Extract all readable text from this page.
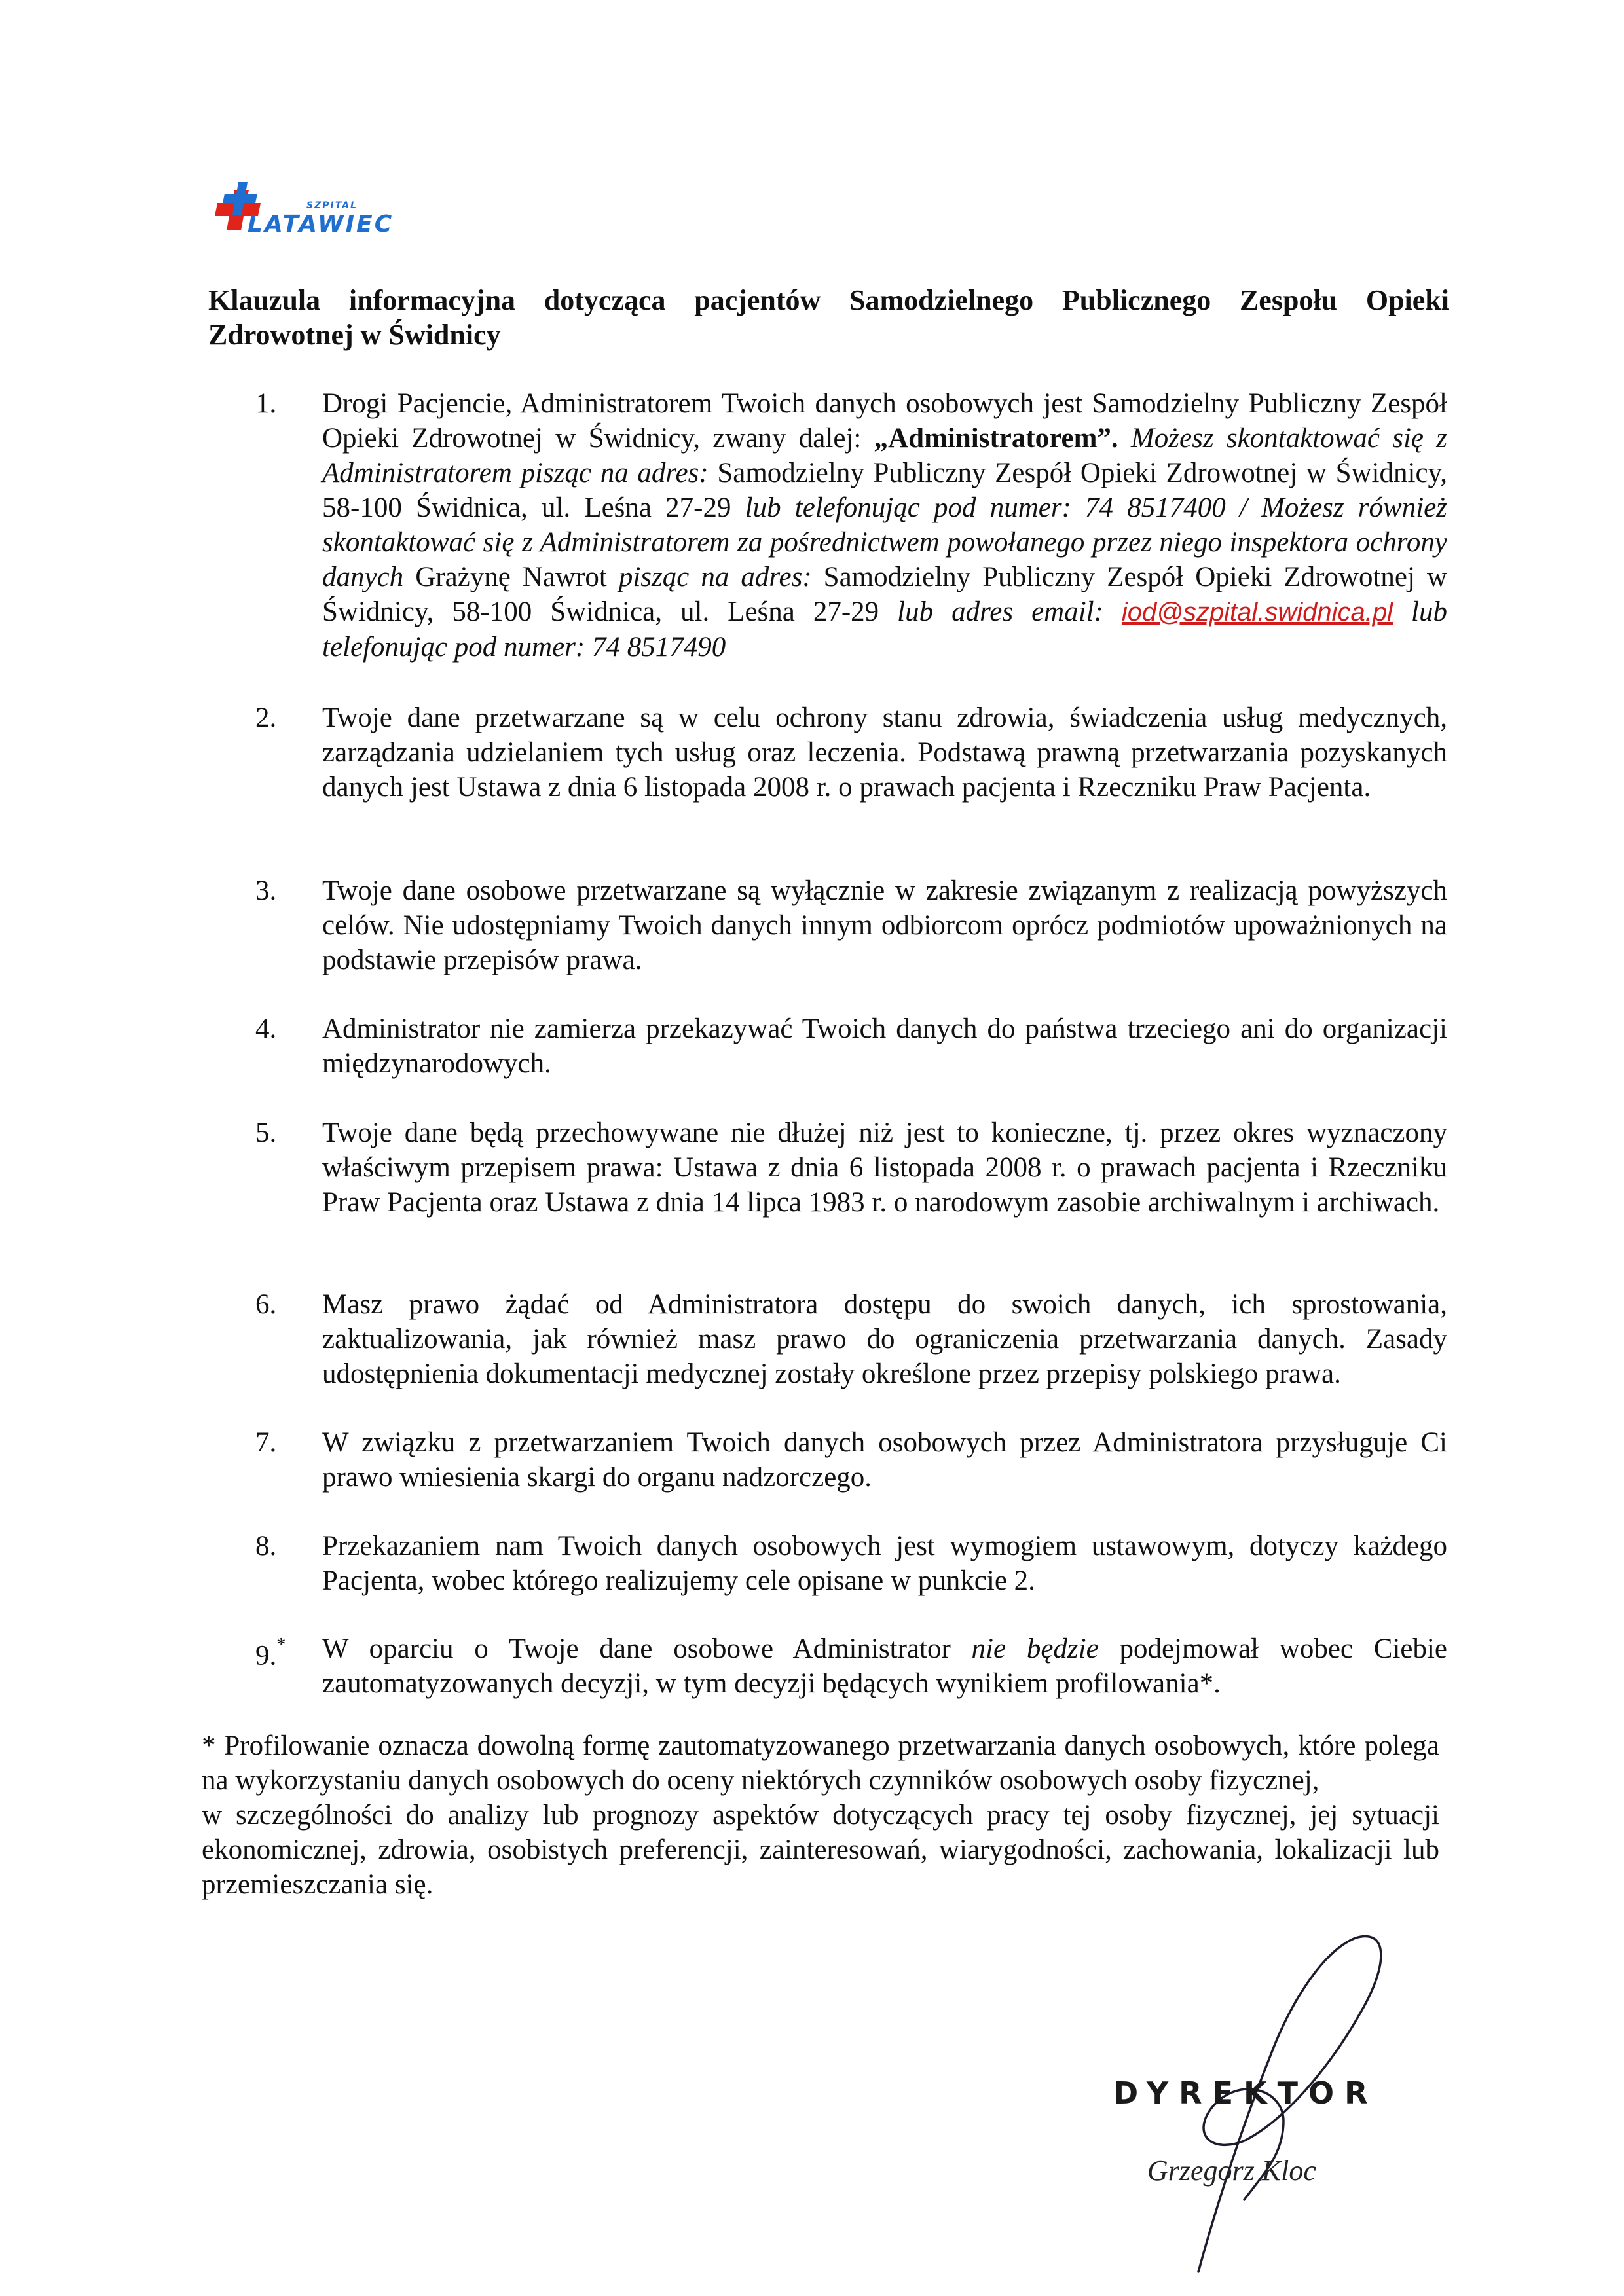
SZPITAL
LATAWIEC

Klauzula informacyjna dotycząca pacjentów Samodzielnego Publicznego Zespołu Opieki Zdrowotnej w Świdnicy

1.	Drogi Pacjencie, Administratorem Twoich danych osobowych jest Samodzielny Publiczny Zespół Opieki Zdrowotnej w Świdnicy, zwany dalej: „Administratorem”. Możesz skontaktować się z Administratorem pisząc na adres: Samodzielny Publiczny Zespół Opieki Zdrowotnej w Świdnicy, 58-100 Świdnica, ul. Leśna 27-29 lub telefonując pod numer: 74 8517400 / Możesz również skontaktować się z Administratorem za pośrednictwem powołanego przez niego inspektora ochrony danych Grażynę Nawrot pisząc na adres: Samodzielny Publiczny Zespół Opieki Zdrowotnej w Świdnicy, 58-100 Świdnica, ul. Leśna 27-29 lub adres email: iod@szpital.swidnica.pl lub telefonując pod numer: 74 8517490

2.	Twoje dane przetwarzane są w celu ochrony stanu zdrowia, świadczenia usług medycznych, zarządzania udzielaniem tych usług oraz leczenia. Podstawą prawną przetwarzania pozyskanych danych jest Ustawa z dnia 6 listopada 2008 r. o prawach pacjenta i Rzeczniku Praw Pacjenta.

3.	Twoje dane osobowe przetwarzane są wyłącznie w zakresie związanym z realizacją powyższych celów. Nie udostępniamy Twoich danych innym odbiorcom oprócz podmiotów upoważnionych na podstawie przepisów prawa.

4.	Administrator nie zamierza przekazywać Twoich danych do państwa trzeciego ani do organizacji międzynarodowych.

5.	Twoje dane będą przechowywane nie dłużej niż jest to konieczne, tj. przez okres wyznaczony właściwym przepisem prawa: Ustawa z dnia 6 listopada 2008 r. o prawach pacjenta i Rzeczniku Praw Pacjenta oraz Ustawa z dnia 14 lipca 1983 r. o narodowym zasobie archiwalnym i archiwach.

6.	Masz prawo żądać od Administratora dostępu do swoich danych, ich sprostowania, zaktualizowania, jak również masz prawo do ograniczenia przetwarzania danych. Zasady udostępnienia dokumentacji medycznej zostały określone przez przepisy polskiego prawa.

7.	W związku z przetwarzaniem Twoich danych osobowych przez Administratora przysługuje Ci prawo wniesienia skargi do organu nadzorczego.

8.	Przekazaniem nam Twoich danych osobowych jest wymogiem ustawowym, dotyczy każdego Pacjenta, wobec którego realizujemy cele opisane w punkcie 2.

9.*	W oparciu o Twoje dane osobowe Administrator nie będzie podejmował wobec Ciebie zautomatyzowanych decyzji, w tym decyzji będących wynikiem profilowania*.

* Profilowanie oznacza dowolną formę zautomatyzowanego przetwarzania danych osobowych, które polega na wykorzystaniu danych osobowych do oceny niektórych czynników osobowych osoby fizycznej,
w szczególności do analizy lub prognozy aspektów dotyczących pracy tej osoby fizycznej, jej sytuacji ekonomicznej, zdrowia, osobistych preferencji, zainteresowań, wiarygodności, zachowania, lokalizacji lub przemieszczania się.

DYREKTOR
Grzegorz Kloc
